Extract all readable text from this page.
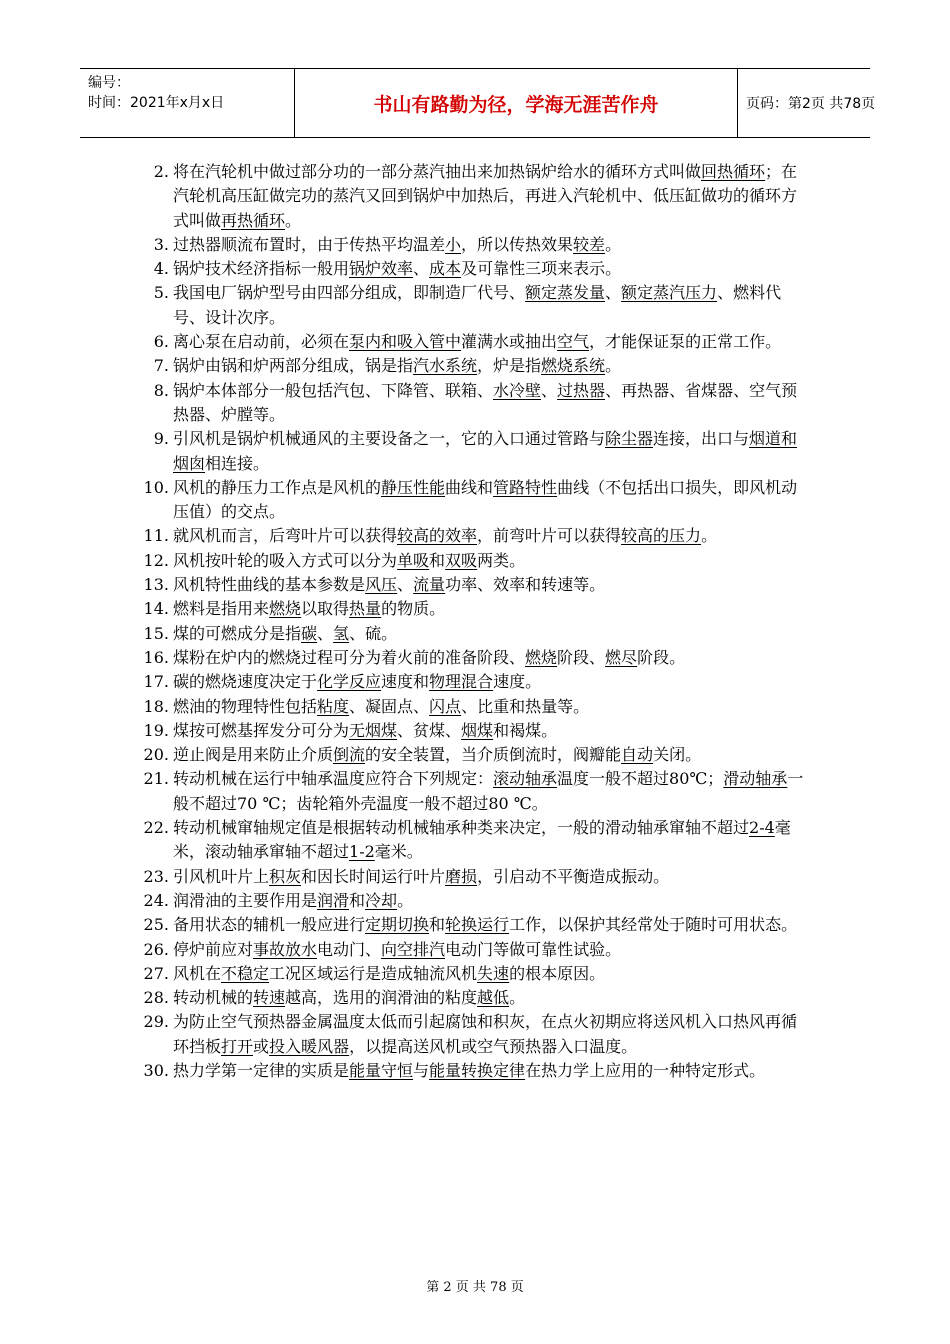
编号：
时间：2021年x月x日	书山有路勤为径，学海无涯苦作舟	页码：第2页 共78页
2. 将在汽轮机中做过部分功的一部分蒸汽抽出来加热锅炉给水的循环方式叫做回热循环；在汽轮机高压缸做完功的蒸汽又回到锅炉中加热后，再进入汽轮机中、低压缸做功的循环方式叫做再热循环。
3. 过热器顺流布置时，由于传热平均温差小，所以传热效果较差。
4. 锅炉技术经济指标一般用锅炉效率、成本及可靠性三项来表示。
5. 我国电厂锅炉型号由四部分组成，即制造厂代号、额定蒸发量、额定蒸汽压力、燃料代号、设计次序。
6. 离心泵在启动前，必须在泵内和吸入管中灌满水或抽出空气，才能保证泵的正常工作。
7. 锅炉由锅和炉两部分组成，锅是指汽水系统，炉是指燃烧系统。
8. 锅炉本体部分一般包括汽包、下降管、联箱、水冷壁、过热器、再热器、省煤器、空气预热器、炉膛等。
9. 引风机是锅炉机械通风的主要设备之一，它的入口通过管路与除尘器连接，出口与烟道和烟囱相连接。
10. 风机的静压力工作点是风机的静压性能曲线和管路特性曲线（不包括出口损失，即风机动压值）的交点。
11. 就风机而言，后弯叶片可以获得较高的效率，前弯叶片可以获得较高的压力。
12. 风机按叶轮的吸入方式可以分为单吸和双吸两类。
13. 风机特性曲线的基本参数是风压、流量功率、效率和转速等。
14. 燃料是指用来燃烧以取得热量的物质。
15. 煤的可燃成分是指碳、氢、硫。
16. 煤粉在炉内的燃烧过程可分为着火前的准备阶段、燃烧阶段、燃尽阶段。
17. 碳的燃烧速度决定于化学反应速度和物理混合速度。
18. 燃油的物理特性包括粘度、凝固点、闪点、比重和热量等。
19. 煤按可燃基挥发分可分为无烟煤、贫煤、烟煤和褐煤。
20. 逆止阀是用来防止介质倒流的安全装置，当介质倒流时，阀瓣能自动关闭。
21. 转动机械在运行中轴承温度应符合下列规定：滚动轴承温度一般不超过80℃；滑动轴承一般不超过70 ℃；齿轮箱外壳温度一般不超过80 ℃。
22. 转动机械窜轴规定值是根据转动机械轴承种类来决定，一般的滑动轴承窜轴不超过2-4毫米，滚动轴承窜轴不超过1-2毫米。
23. 引风机叶片上积灰和因长时间运行叶片磨损，引启动不平衡造成振动。
24. 润滑油的主要作用是润滑和冷却。
25. 备用状态的辅机一般应进行定期切换和轮换运行工作，以保护其经常处于随时可用状态。
26. 停炉前应对事故放水电动门、向空排汽电动门等做可靠性试验。
27. 风机在不稳定工况区域运行是造成轴流风机失速的根本原因。
28. 转动机械的转速越高，选用的润滑油的粘度越低。
29. 为防止空气预热器金属温度太低而引起腐蚀和积灰，在点火初期应将送风机入口热风再循环挡板打开或投入暖风器，以提高送风机或空气预热器入口温度。
30. 热力学第一定律的实质是能量守恒与能量转换定律在热力学上应用的一种特定形式。
第 2 页 共 78 页
